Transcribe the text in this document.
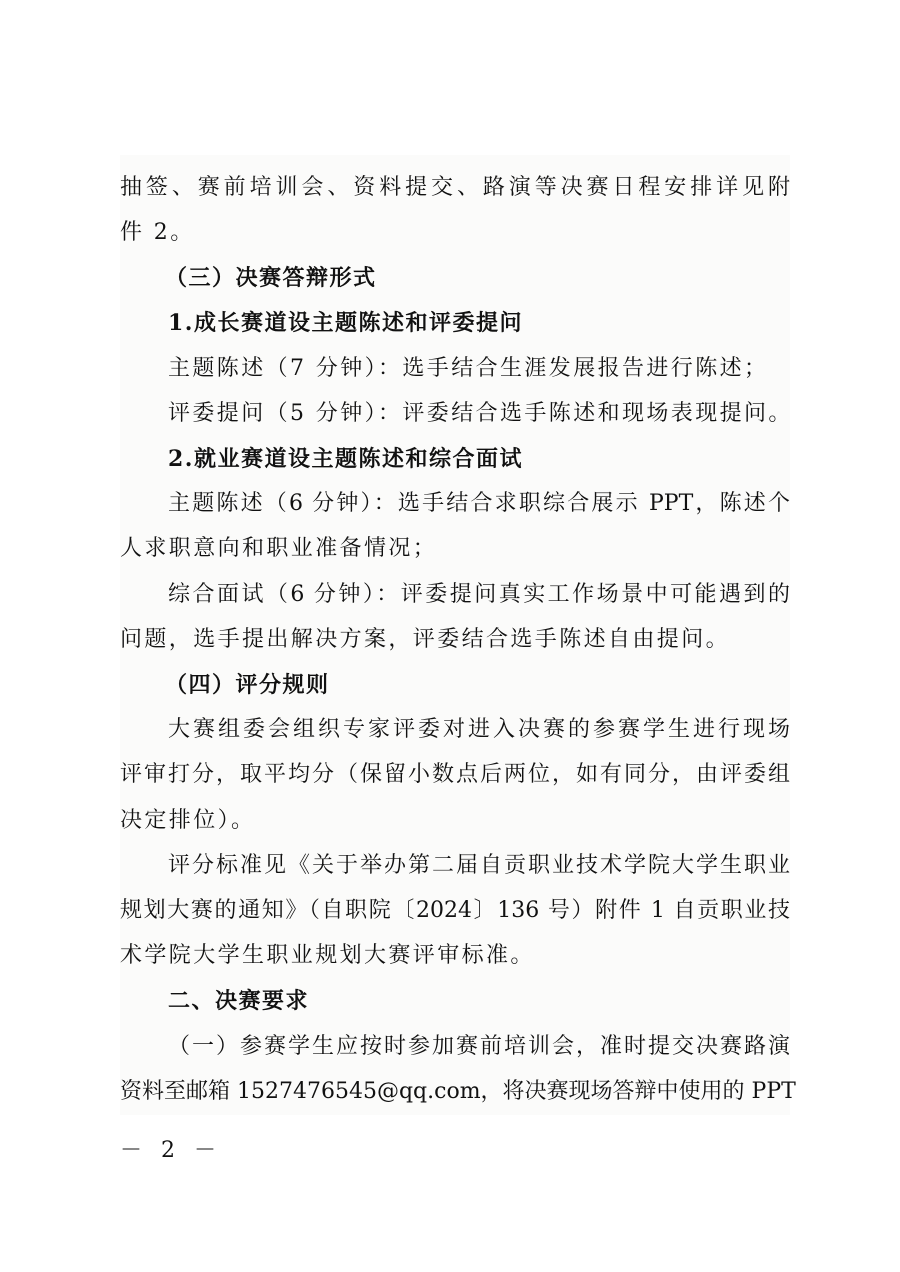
抽签、赛前培训会、资料提交、路演等决赛日程安排详见附
件 2。
（三）决赛答辩形式
1.成长赛道设主题陈述和评委提问
主题陈述（7 分钟）：选手结合生涯发展报告进行陈述；
评委提问（5 分钟）：评委结合选手陈述和现场表现提问。
2.就业赛道设主题陈述和综合面试
主题陈述（6 分钟）：选手结合求职综合展示 PPT，陈述个
人求职意向和职业准备情况；
综合面试（6 分钟）：评委提问真实工作场景中可能遇到的
问题，选手提出解决方案，评委结合选手陈述自由提问。
（四）评分规则
大赛组委会组织专家评委对进入决赛的参赛学生进行现场
评审打分，取平均分（保留小数点后两位，如有同分，由评委组
决定排位）。
评分标准见《关于举办第二届自贡职业技术学院大学生职业
规划大赛的通知》（自职院〔2024〕136 号）附件 1 自贡职业技
术学院大学生职业规划大赛评审标准。
二、决赛要求
（一）参赛学生应按时参加赛前培训会，准时提交决赛路演
资料至邮箱 1527476545@qq.com，将决赛现场答辩中使用的 PPT
－ 2 －
